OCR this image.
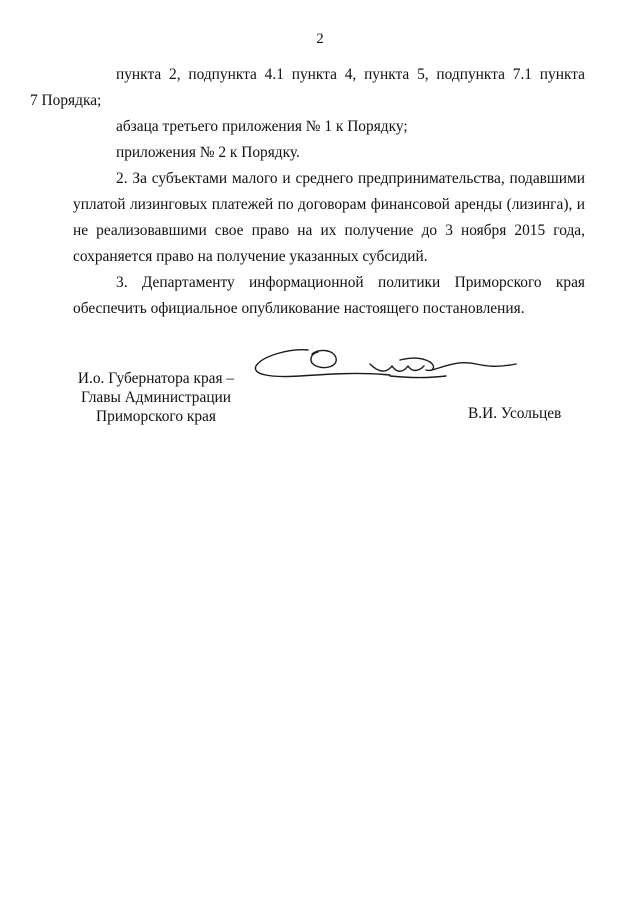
2

пункта 2, подпункта 4.1 пункта 4, пункта 5, подпункта 7.1 пункта
7 Порядка;

абзаца третьего приложения № 1 к Порядку;

приложения № 2 к Порядку.

2. За субъектами малого и среднего предпринимательства, подавшими уплатой лизинговых платежей по договорам финансовой аренды (лизинга), и не реализовавшими свое право на их получение до 3 ноября 2015 года, сохраняется право на получение указанных субсидий.

3. Департаменту информационной политики Приморского края обеспечить официальное опубликование настоящего постановления.

И.о. Губернатора края –
Главы Администрации
Приморского края	В.И. Усольцев
